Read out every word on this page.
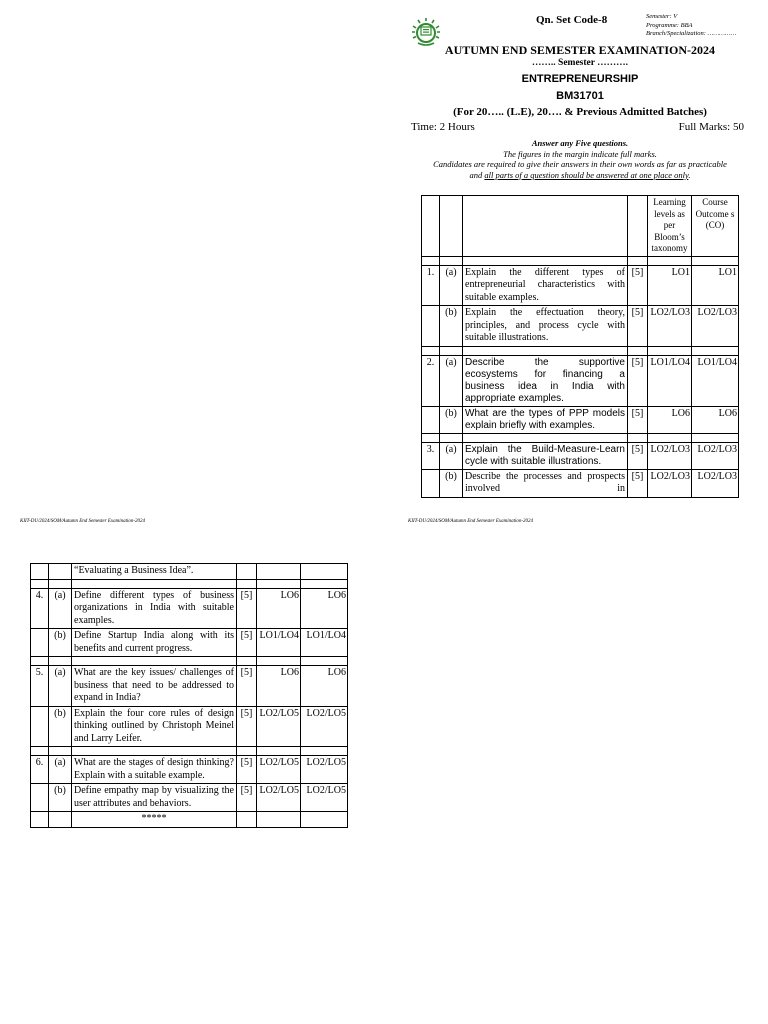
Qn. Set Code-8	Semester: V
Programme: BBA
Branch/Specialization: ……………
AUTUMN END SEMESTER EXAMINATION-2024
…….. Semester ……….
ENTREPRENEURSHIP
BM31701
(For 20….. (L.E), 20…. & Previous Admitted Batches)
Time: 2 Hours	Full Marks: 50
Answer any Five questions.
The figures in the margin indicate full marks.
Candidates are required to give their answers in their own words as far as practicable
and all parts of a question should be answered at one place only.
				Learning levels as per Bloom’s taxonomy	Course Outcome s (CO)

1.	(a)	Explain the different types of entrepreneurial characteristics with suitable examples.	[5]	LO1	LO1
	(b)	Explain the effectuation theory, principles, and process cycle with suitable illustrations.	[5]	LO2/LO3	LO2/LO3

2.	(a)	Describe the supportive ecosystems for financing a business idea in India with appropriate examples.	[5]	LO1/LO4	LO1/LO4
	(b)	What are the types of PPP models explain briefly with examples.	[5]	LO6	LO6

3.	(a)	Explain the Build-Measure-Learn cycle with suitable illustrations.	[5]	LO2/LO3	LO2/LO3
	(b)	Describe the processes and prospects involved in	[5]	LO2/LO3	LO2/LO3
KIIT-DU/2024/SOM/Autumn End Semester Examination-2024
KIIT-DU/2024/SOM/Autumn End Semester Examination-2024
		“Evaluating a Business Idea”.			

4.	(a)	Define different types of business organizations in India with suitable examples.	[5]	LO6	LO6
	(b)	Define Startup India along with its benefits and current progress.	[5]	LO1/LO4	LO1/LO4

5.	(a)	What are the key issues/ challenges of business that need to be addressed to expand in India?	[5]	LO6	LO6
	(b)	Explain the four core rules of design thinking outlined by Christoph Meinel and Larry Leifer.	[5]	LO2/LO5	LO2/LO5

6.	(a)	What are the stages of design thinking? Explain with a suitable example.	[5]	LO2/LO5	LO2/LO5
	(b)	Define empathy map by visualizing the user attributes and behaviors.	[5]	LO2/LO5	LO2/LO5
		*****			
